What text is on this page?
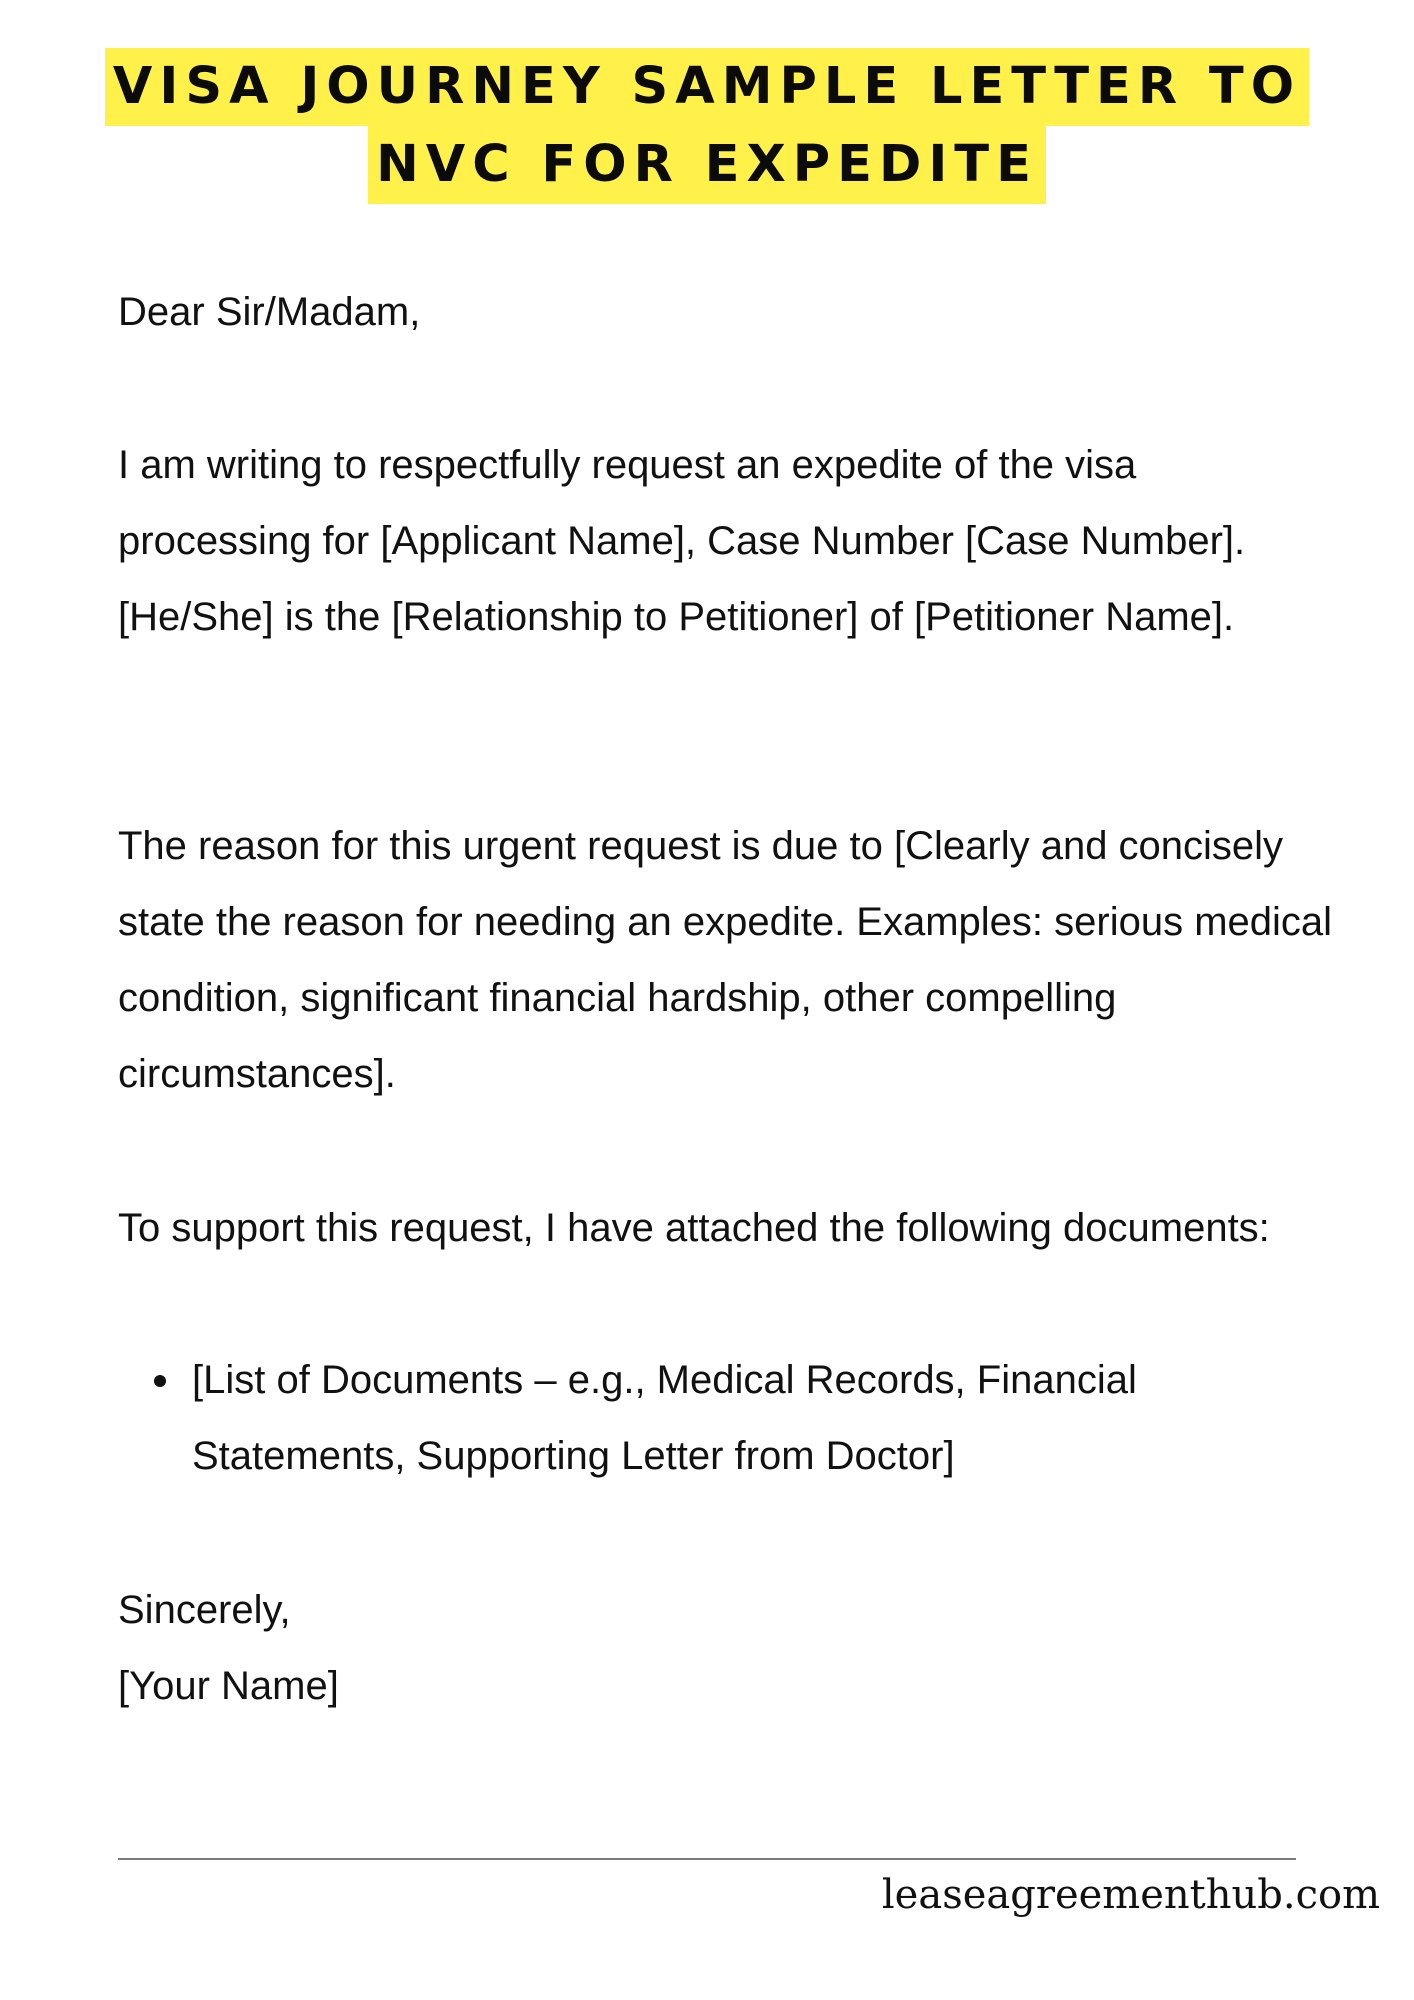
VISA JOURNEY SAMPLE LETTER TO
NVC FOR EXPEDITE

Dear Sir/Madam,

I am writing to respectfully request an expedite of the visa processing for [Applicant Name], Case Number [Case Number]. [He/She] is the [Relationship to Petitioner] of [Petitioner Name].

The reason for this urgent request is due to [Clearly and concisely state the reason for needing an expedite. Examples: serious medical condition, significant financial hardship, other compelling circumstances].

To support this request, I have attached the following documents:

[List of Documents – e.g., Medical Records, Financial Statements, Supporting Letter from Doctor]
Sincerely,
[Your Name]
leaseagreementhub.com
